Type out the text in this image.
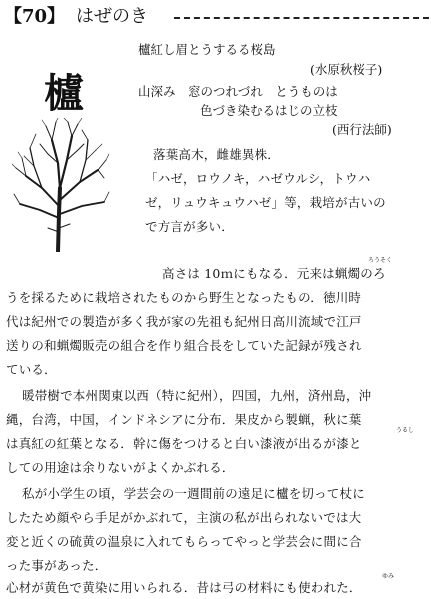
【70】 はぜのき
櫨紅し眉とうするる桜島
(水原秋桜子)
山深み　窓のつれづれ　とうものは
色づき染むるはじの立枝
(西行法師)
櫨
落葉高木，雌雄異株．
「ハゼ，ロウノキ，ハゼウルシ，トウハ
ゼ，リュウキュウハゼ」等，栽培が古いの
で方言が多い．
ろうそく
高さは 10ｍにもなる．元来は蝋燭のろ
うを採るために栽培されたものから野生となったもの．徳川時
代は紀州での製造が多く我が家の先祖も紀州日高川流域で江戸
送りの和蝋燭販売の組合を作り組合長をしていた記録が残され
ている．
暖帯樹で本州関東以西（特に紀州），四国，九州，済州島，沖
縄，台湾，中国，インドネシアに分布．果皮から製蝋，秋に葉
うるし
は真紅の紅葉となる．幹に傷をつけると白い漆液が出るが漆と
しての用途は余りないがよくかぶれる．
私が小学生の頃，学芸会の一週間前の遠足に櫨を切って杖に
したため顔やら手足がかぶれて，主演の私が出られないでは大
変と近くの硫黄の温泉に入れてもらってやっと学芸会に間に合
った事があった．
ゆみ
心材が黄色で黄染に用いられる．昔は弓の材料にも使われた．
